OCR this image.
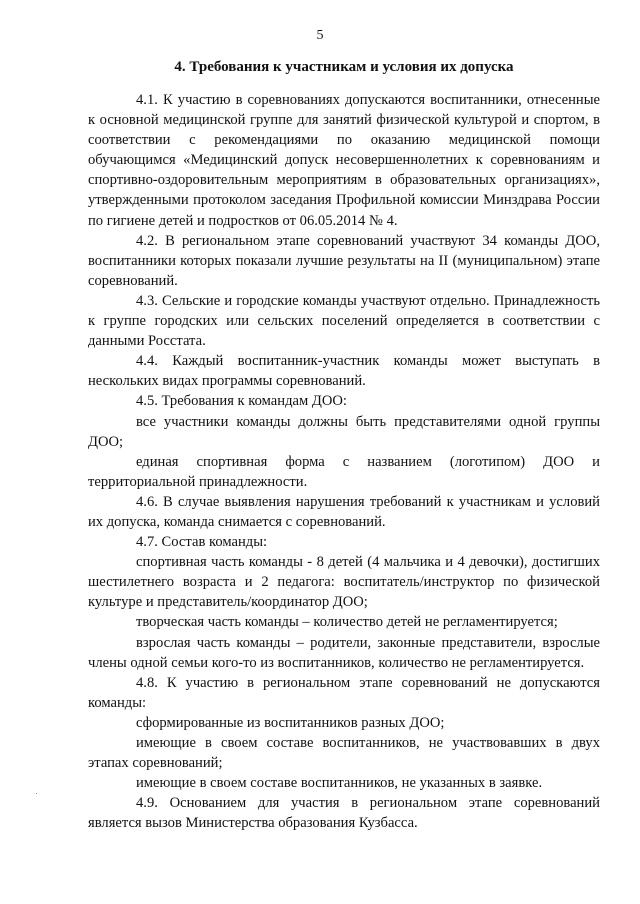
5
4. Требования к участникам и условия их допуска

4.1. К участию в соревнованиях допускаются воспитанники, отнесенные к основной медицинской группе для занятий физической культурой и спортом, в соответствии с рекомендациями по оказанию медицинской помощи обучающимся «Медицинский допуск несовершеннолетних к соревнованиям и спортивно-оздоровительным мероприятиям в образовательных организациях», утвержденными протоколом заседания Профильной комиссии Минздрава России по гигиене детей и подростков от 06.05.2014 № 4.

4.2. В региональном этапе соревнований участвуют 34 команды ДОО, воспитанники которых показали лучшие результаты на II (муниципальном) этапе соревнований.

4.3. Сельские и городские команды участвуют отдельно. Принадлежность к группе городских или сельских поселений определяется в соответствии с данными Росстата.

4.4. Каждый воспитанник-участник команды может выступать в нескольких видах программы соревнований.

4.5. Требования к командам ДОО:

все участники команды должны быть представителями одной группы ДОО;

единая спортивная форма с названием (логотипом) ДОО и территориальной принадлежности.

4.6. В случае выявления нарушения требований к участникам и условий их допуска, команда снимается с соревнований.

4.7. Состав команды:

спортивная часть команды - 8 детей (4 мальчика и 4 девочки), достигших шестилетнего возраста и 2 педагога: воспитатель/инструктор по физической культуре и представитель/координатор ДОО;

творческая часть команды – количество детей не регламентируется;

взрослая часть команды – родители, законные представители, взрослые члены одной семьи кого-то из воспитанников, количество не регламентируется.

4.8. К участию в региональном этапе соревнований не допускаются команды:

сформированные из воспитанников разных ДОО;

имеющие в своем составе воспитанников, не участвовавших в двух этапах соревнований;

имеющие в своем составе воспитанников, не указанных в заявке.

4.9. Основанием для участия в региональном этапе соревнований является вызов Министерства образования Кузбасса.
